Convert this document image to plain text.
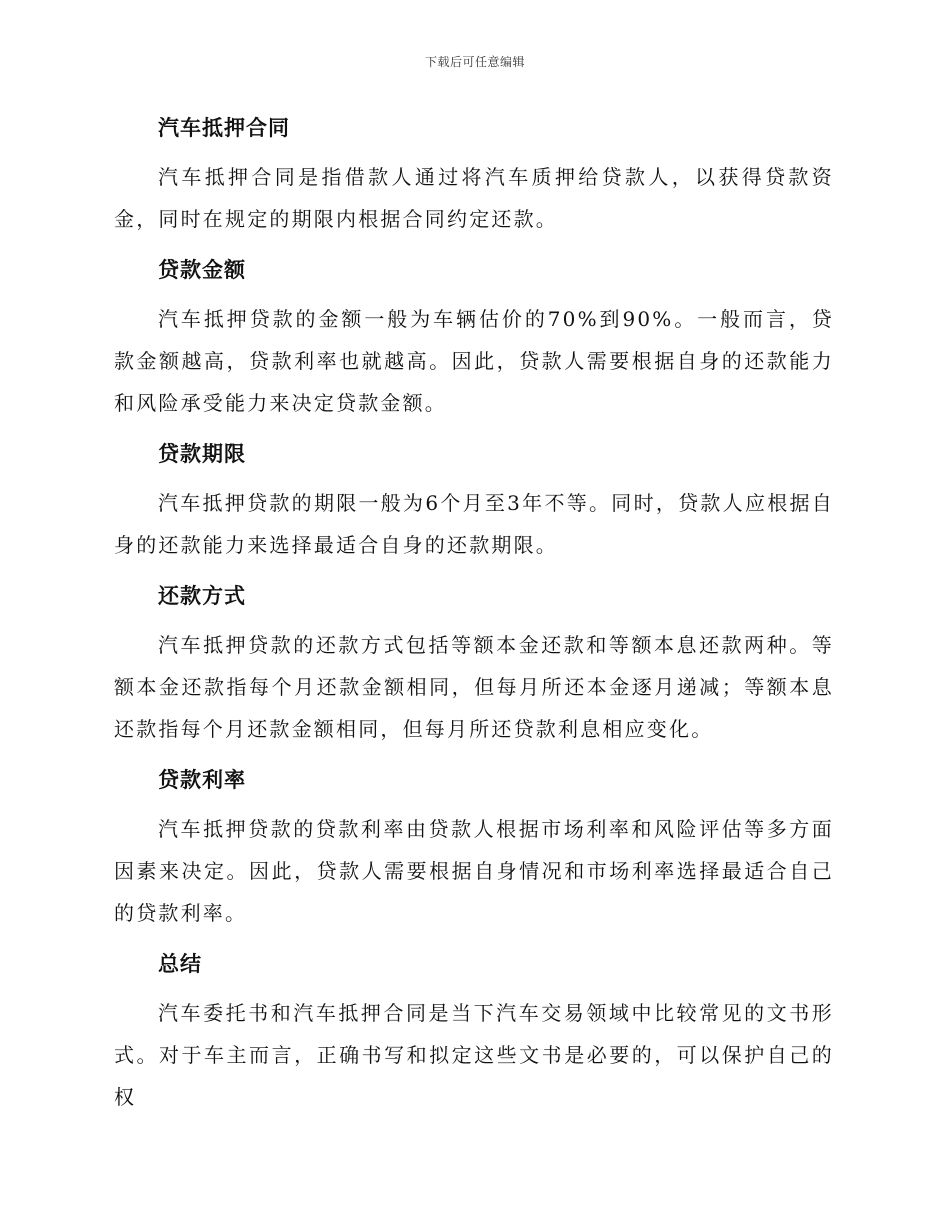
下载后可任意编辑
汽车抵押合同

汽车抵押合同是指借款人通过将汽车质押给贷款人，以获得贷款资金，同时在规定的期限内根据合同约定还款。

贷款金额

汽车抵押贷款的金额一般为车辆估价的70%到90%。一般而言，贷款金额越高，贷款利率也就越高。因此，贷款人需要根据自身的还款能力和风险承受能力来决定贷款金额。

贷款期限

汽车抵押贷款的期限一般为6个月至3年不等。同时，贷款人应根据自身的还款能力来选择最适合自身的还款期限。

还款方式

汽车抵押贷款的还款方式包括等额本金还款和等额本息还款两种。等额本金还款指每个月还款金额相同，但每月所还本金逐月递减；等额本息还款指每个月还款金额相同，但每月所还贷款利息相应变化。

贷款利率

汽车抵押贷款的贷款利率由贷款人根据市场利率和风险评估等多方面因素来决定。因此，贷款人需要根据自身情况和市场利率选择最适合自己的贷款利率。

总结

汽车委托书和汽车抵押合同是当下汽车交易领域中比较常见的文书形式。对于车主而言，正确书写和拟定这些文书是必要的，可以保护自己的权
